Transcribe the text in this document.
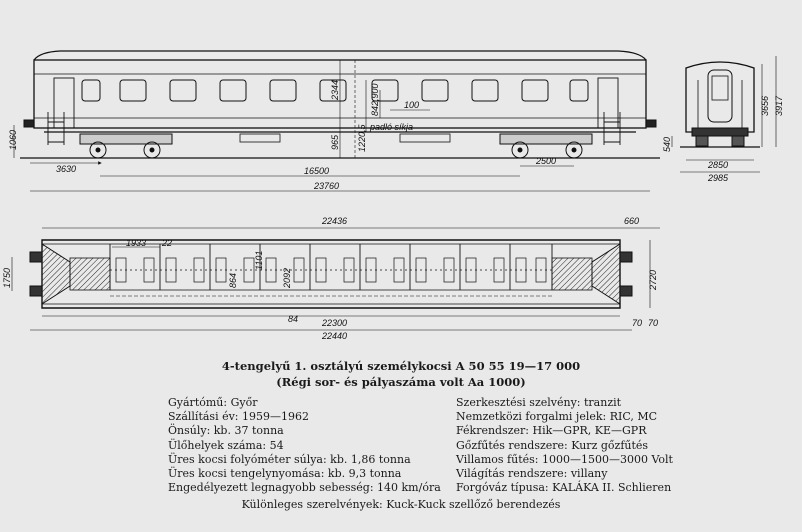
1060
3630	16500
23760
2500
2344
965 1220,5
842,900	100
padló síkja
540
3656 3917
2850
2985
22436	660
1933 22
1101
864	2092
1750	2720
84	22300
22440
70 70
4-tengelyű 1. osztályú személykocsi A 50 55 19—17 000
(Régi sor- és pályaszáma volt Aa 1000)
Gyártómű: Győr
Szállítási év: 1959—1962
Önsúly: kb. 37 tonna
Ülőhelyek száma: 54
Üres kocsi folyóméter súlya: kb. 1,86 tonna
Üres kocsi tengelynyomása: kb. 9,3 tonna
Engedélyezett legnagyobb sebesség: 140 km/óra
Szerkesztési szelvény: tranzit
Nemzetközi forgalmi jelek: RIC, MC
Fékrendszer: Hik—GPR, KE—GPR
Gőzfűtés rendszere: Kurz gőzfűtés
Villamos fűtés: 1000—1500—3000 Volt
Világítás rendszere: villany
Forgóváz típusa: KALÁKA II. Schlieren
Különleges szerelvények: Kuck-Kuck szellőző berendezés
